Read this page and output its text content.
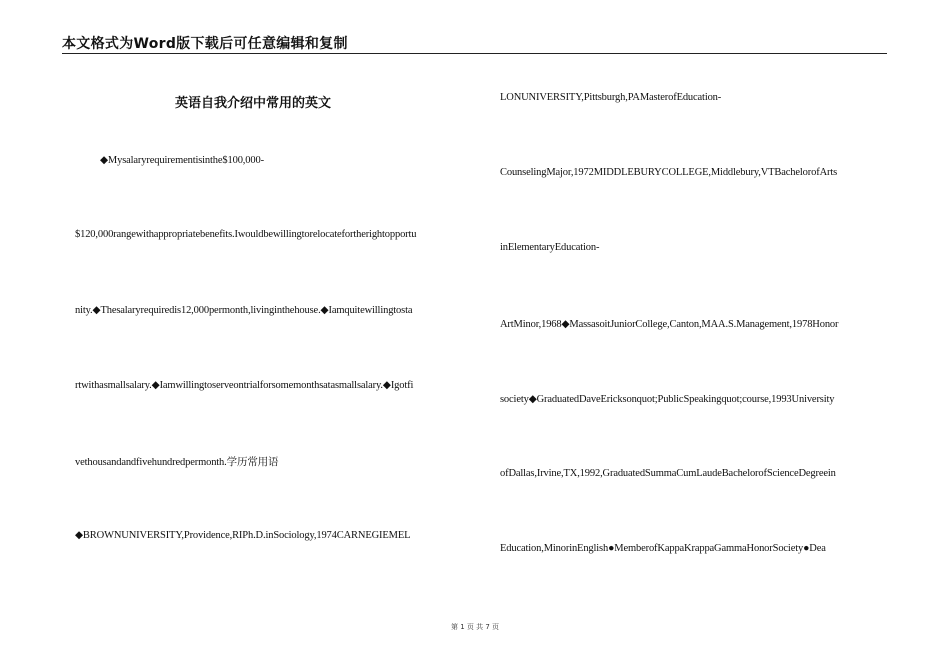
本文格式为Word版下载后可任意编辑和复制
英语自我介绍中常用的英文
◆Mysalaryrequirementisinthe$100,000-
$120,000rangewithappropriatebenefits.Iwouldbewillingtorelocatefortherightopportu
nity.◆Thesalaryrequiredis12,000permonth,livinginthehouse.◆Iamquitewillingtosta
rtwithasmallsalary.◆Iamwillingtoserveontrialforsomemonthsatasmallsalary.◆Igotfi
vethousandandfivehundredpermonth.学历常用语
◆BROWNUNIVERSITY,Providence,RIPh.D.inSociology,1974CARNEGIEMEL
LONUNIVERSITY,Pittsburgh,PAMasterofEducation-
CounselingMajor,1972MIDDLEBURYCOLLEGE,Middlebury,VTBachelorofArts
inElementaryEducation-
ArtMinor,1968◆MassasoitJuniorCollege,Canton,MAA.S.Management,1978Honor
society◆GraduatedDaveEricksonquot;PublicSpeakingquot;course,1993University
ofDallas,Irvine,TX,1992,GraduatedSummaCumLaudeBachelorofScienceDegreein
Education,MinorinEnglish●MemberofKappaKrappaGammaHonorSociety●Dea
第 1 页 共 7 页
